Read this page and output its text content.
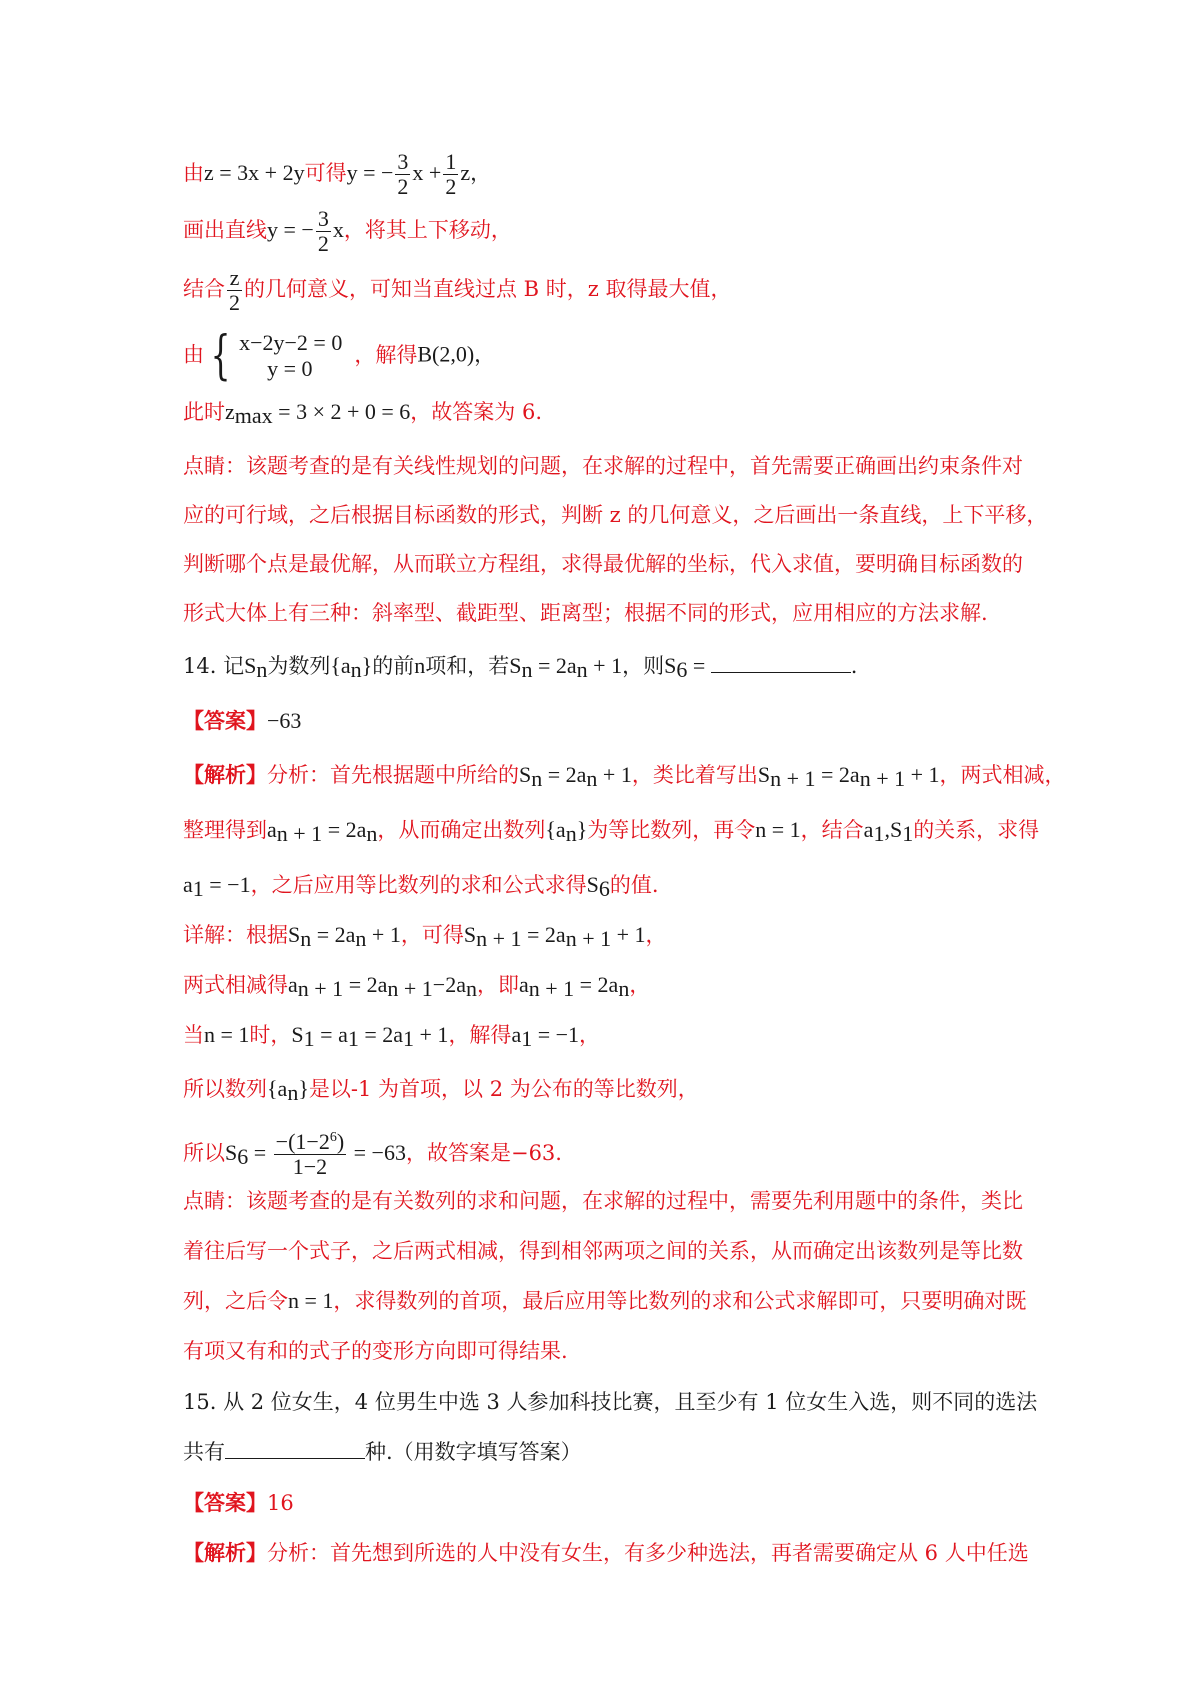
由z = 3x + 2y可得y = − $\frac{3}{2}$ $x + \frac{1}{2}$ z，
画出直线y = − $\frac{3}{2}$ x，将其上下移动，
结合 $\frac{z}{2}$ 的几何意义，可知当直线过点 B 时，z 取得最大值，
由 { x−2y−2 = 0
y = 0
，解得B(2,0)，
此时$z_{max} = 3 \times 2 + 0 = 6$，故答案为 6.
点睛：该题考查的是有关线性规划的问题，在求解的过程中，首先需要正确画出约束条件对
应的可行域，之后根据目标函数的形式，判断 z 的几何意义，之后画出一条直线，上下平移，
判断哪个点是最优解，从而联立方程组，求得最优解的坐标，代入求值，要明确目标函数的
形式大体上有三种：斜率型、截距型、距离型；根据不同的形式，应用相应的方法求解.
14. 记$S_n$为数列$\{a_n\}$的前n项和，若$S_n = 2a_n + 1$，则$S_6$ =	.
【答案】−63
【解析】分析：首先根据题中所给的$S_n = 2a_n + 1$，类比着写出$S_{n + 1} = 2a_{n + 1} + 1$，两式相减，
整理得到$a_{n + 1} = 2a_n$，从而确定出数列$\{a_n\}$为等比数列，再令n = 1，结合$a_1,S_1$的关系，求得
$a_1 = -1$，之后应用等比数列的求和公式求得$S_6$的值.
详解：根据$S_n = 2a_n + 1$，可得$S_{n + 1} = 2a_{n + 1} + 1$，
两式相减得$a_{n + 1} = 2a_{n + 1}-2a_n$，即$a_{n + 1} = 2a_n$，
当n = 1时，$S_1 = a_1 = 2a_1 + 1$，解得$a_1 = -1$，
所以数列$\{a_n\}$是以-1 为首项，以 2 为公布的等比数列，
所以$S_6 = \frac{-(1-2^6)}{1-2} = -63$，故答案是−63.
点睛：该题考查的是有关数列的求和问题，在求解的过程中，需要先利用题中的条件，类比
着往后写一个式子，之后两式相减，得到相邻两项之间的关系，从而确定出该数列是等比数
列，之后令n = 1，求得数列的首项，最后应用等比数列的求和公式求解即可，只要明确对既
有项又有和的式子的变形方向即可得结果.
15. 从 2 位女生，4 位男生中选 3 人参加科技比赛，且至少有 1 位女生入选，则不同的选法
共有	种.（用数字填写答案）
【答案】16
【解析】分析：首先想到所选的人中没有女生，有多少种选法，再者需要确定从 6 人中任选
